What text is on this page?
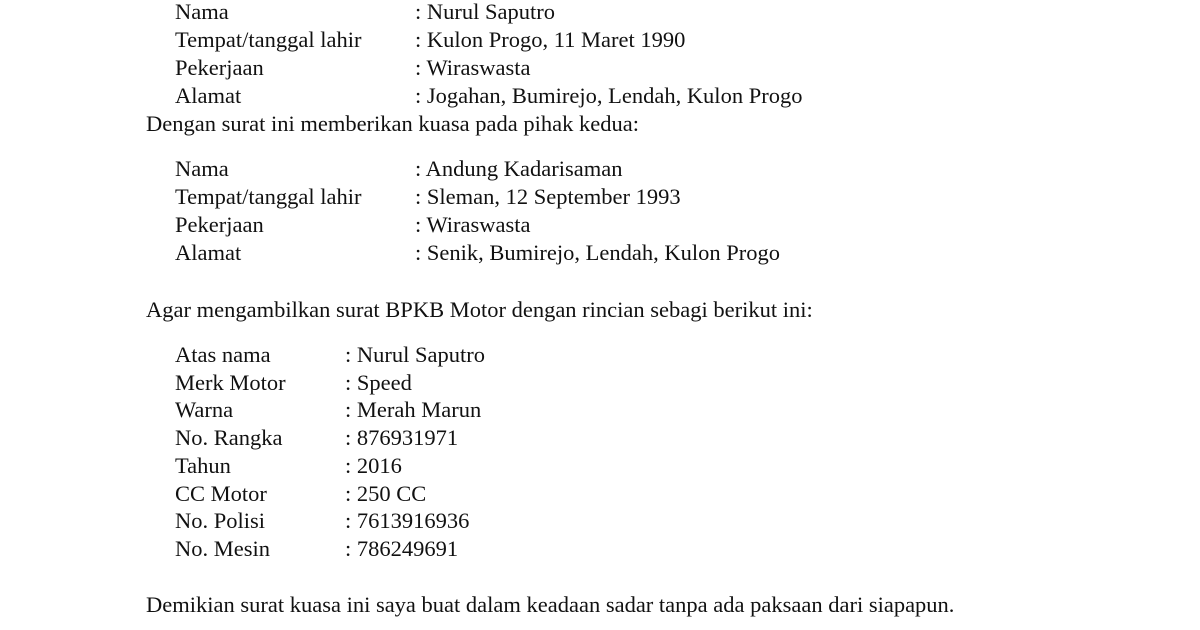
Nama	: Nurul Saputro
Tempat/tanggal lahir : Kulon Progo, 11 Maret 1990
Pekerjaan	: Wiraswasta
Alamat	: Jogahan, Bumirejo, Lendah, Kulon Progo
Nama	: Andung Kadarisaman
Tempat/tanggal lahir : Sleman, 12 September 1993
Pekerjaan	: Wiraswasta
Alamat	: Senik, Bumirejo, Lendah, Kulon Progo
Atas nama	: Nurul Saputro
Merk Motor	: Speed
Warna	: Merah Marun
No. Rangka	: 876931971
Tahun	: 2016
CC Motor	: 250 CC
No. Polisi	: 7613916936
No. Mesin	: 786249691
Dengan surat ini memberikan kuasa pada pihak kedua:
Agar mengambilkan surat BPKB Motor dengan rincian sebagi berikut ini:
Demikian surat kuasa ini saya buat dalam keadaan sadar tanpa ada paksaan dari siapapun.
